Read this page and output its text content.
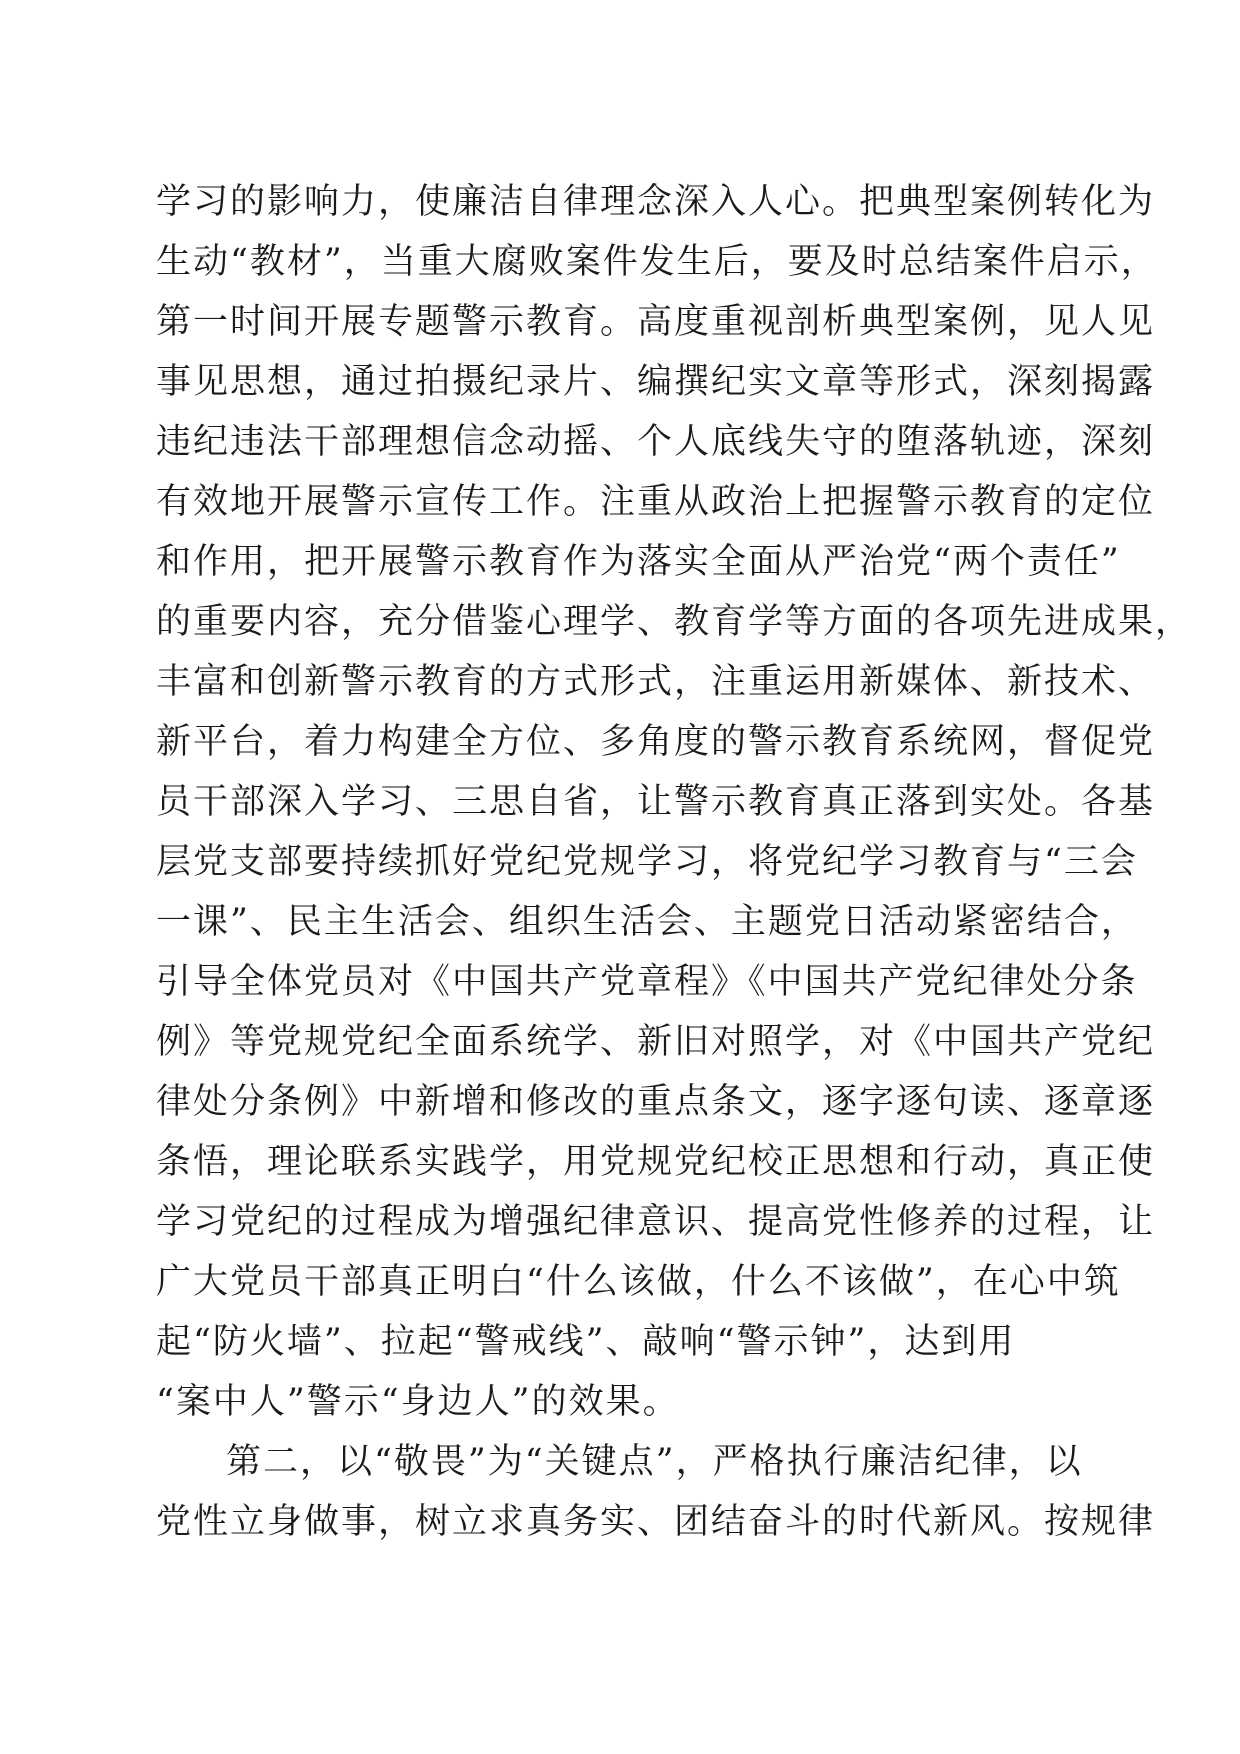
学习的影响力，使廉洁自律理念深入人心。把典型案例转化为
生动“教材”，当重大腐败案件发生后，要及时总结案件启示，
第一时间开展专题警示教育。高度重视剖析典型案例，见人见
事见思想，通过拍摄纪录片、编撰纪实文章等形式，深刻揭露
违纪违法干部理想信念动摇、个人底线失守的堕落轨迹，深刻
有效地开展警示宣传工作。注重从政治上把握警示教育的定位
和作用，把开展警示教育作为落实全面从严治党“两个责任”
的重要内容，充分借鉴心理学、教育学等方面的各项先进成果，
丰富和创新警示教育的方式形式，注重运用新媒体、新技术、
新平台，着力构建全方位、多角度的警示教育系统网，督促党
员干部深入学习、三思自省，让警示教育真正落到实处。各基
层党支部要持续抓好党纪党规学习，将党纪学习教育与“三会
一课”、民主生活会、组织生活会、主题党日活动紧密结合，
引导全体党员对《中国共产党章程》《中国共产党纪律处分条
例》等党规党纪全面系统学、新旧对照学，对《中国共产党纪
律处分条例》中新增和修改的重点条文，逐字逐句读、逐章逐
条悟，理论联系实践学，用党规党纪校正思想和行动，真正使
学习党纪的过程成为增强纪律意识、提高党性修养的过程，让
广大党员干部真正明白“什么该做，什么不该做”，在心中筑
起“防火墙”、拉起“警戒线”、敲响“警示钟”，达到用
“案中人”警示“身边人”的效果。
第二，以“敬畏”为“关键点”，严格执行廉洁纪律，以
党性立身做事，树立求真务实、团结奋斗的时代新风。按规律
